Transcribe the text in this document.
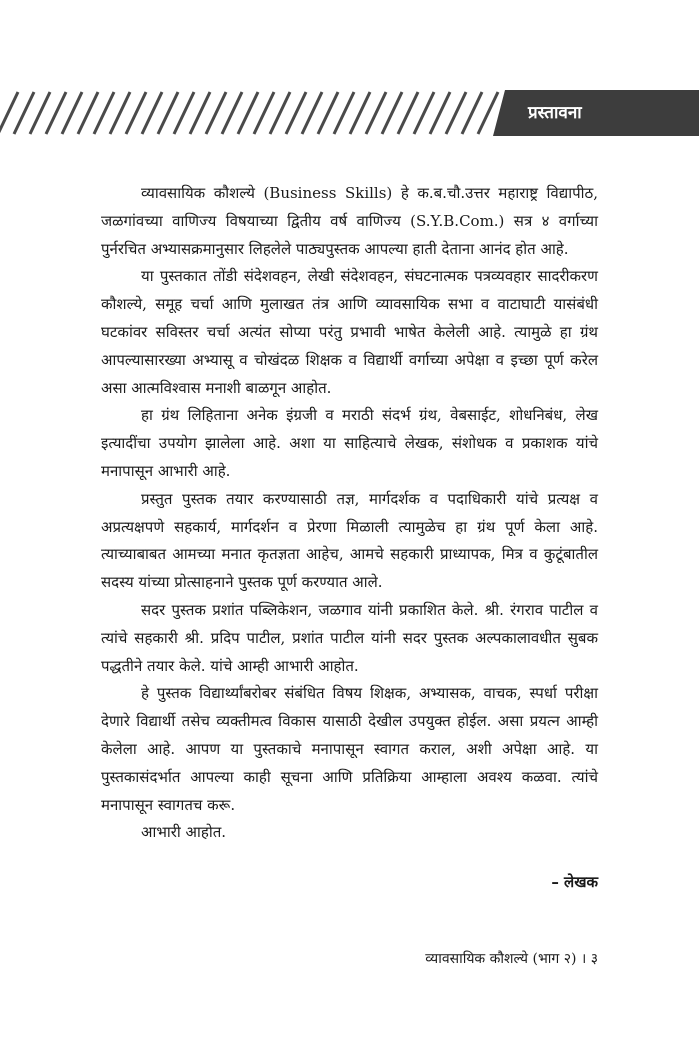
प्रस्तावना

व्यावसायिक कौशल्ये (Business Skills) हे क.ब.चौ.उत्तर महाराष्ट्र विद्यापीठ, जळगांवच्या वाणिज्य विषयाच्या द्वितीय वर्ष वाणिज्य (S.Y.B.Com.) सत्र ४ वर्गाच्या पुर्नरचित अभ्यासक्रमानुसार लिहलेले पाठ्यपुस्तक आपल्या हाती देताना आनंद होत आहे.

या पुस्तकात तोंडी संदेशवहन, लेखी संदेशवहन, संघटनात्मक पत्रव्यवहार सादरीकरण कौशल्ये, समूह चर्चा आणि मुलाखत तंत्र आणि व्यावसायिक सभा व वाटाघाटी यासंबंधी घटकांवर सविस्तर चर्चा अत्यंत सोप्या परंतु प्रभावी भाषेत केलेली आहे. त्यामुळे हा ग्रंथ आपल्यासारख्या अभ्यासू व चोखंदळ शिक्षक व विद्यार्थी वर्गाच्या अपेक्षा व इच्छा पूर्ण करेल असा आत्मविश्वास मनाशी बाळगून आहोत.

हा ग्रंथ लिहिताना अनेक इंग्रजी व मराठी संदर्भ ग्रंथ, वेबसाईट, शोधनिबंध, लेख इत्यादींचा उपयोग झालेला आहे. अशा या साहित्याचे लेखक, संशोधक व प्रकाशक यांचे मनापासून आभारी आहे.

प्रस्तुत पुस्तक तयार करण्यासाठी तज्ञ, मार्गदर्शक व पदाधिकारी यांचे प्रत्यक्ष व अप्रत्यक्षपणे सहकार्य, मार्गदर्शन व प्रेरणा मिळाली त्यामुळेच हा ग्रंथ पूर्ण केला आहे. त्याच्याबाबत आमच्या मनात कृतज्ञता आहेच, आमचे सहकारी प्राध्यापक, मित्र व कुटूंबातील सदस्य यांच्या प्रोत्साहनाने पुस्तक पूर्ण करण्यात आले.

सदर पुस्तक प्रशांत पब्लिकेशन, जळगाव यांनी प्रकाशित केले. श्री. रंगराव पाटील व त्यांचे सहकारी श्री. प्रदिप पाटील, प्रशांत पाटील यांनी सदर पुस्तक अल्पकालावधीत सुबक पद्धतीने तयार केले. यांचे आम्ही आभारी आहोत.

हे पुस्तक विद्यार्थ्यांबरोबर संबंधित विषय शिक्षक, अभ्यासक, वाचक, स्पर्धा परीक्षा देणारे विद्यार्थी तसेच व्यक्तीमत्व विकास यासाठी देखील उपयुक्त होईल. असा प्रयत्न आम्ही केलेला आहे. आपण या पुस्तकाचे मनापासून स्वागत कराल, अशी अपेक्षा आहे. या पुस्तकासंदर्भात आपल्या काही सूचना आणि प्रतिक्रिया आम्हाला अवश्य कळवा. त्यांचे मनापासून स्वागतच करू.

आभारी आहोत.

– लेखक
व्यावसायिक कौशल्ये (भाग २) । ३
